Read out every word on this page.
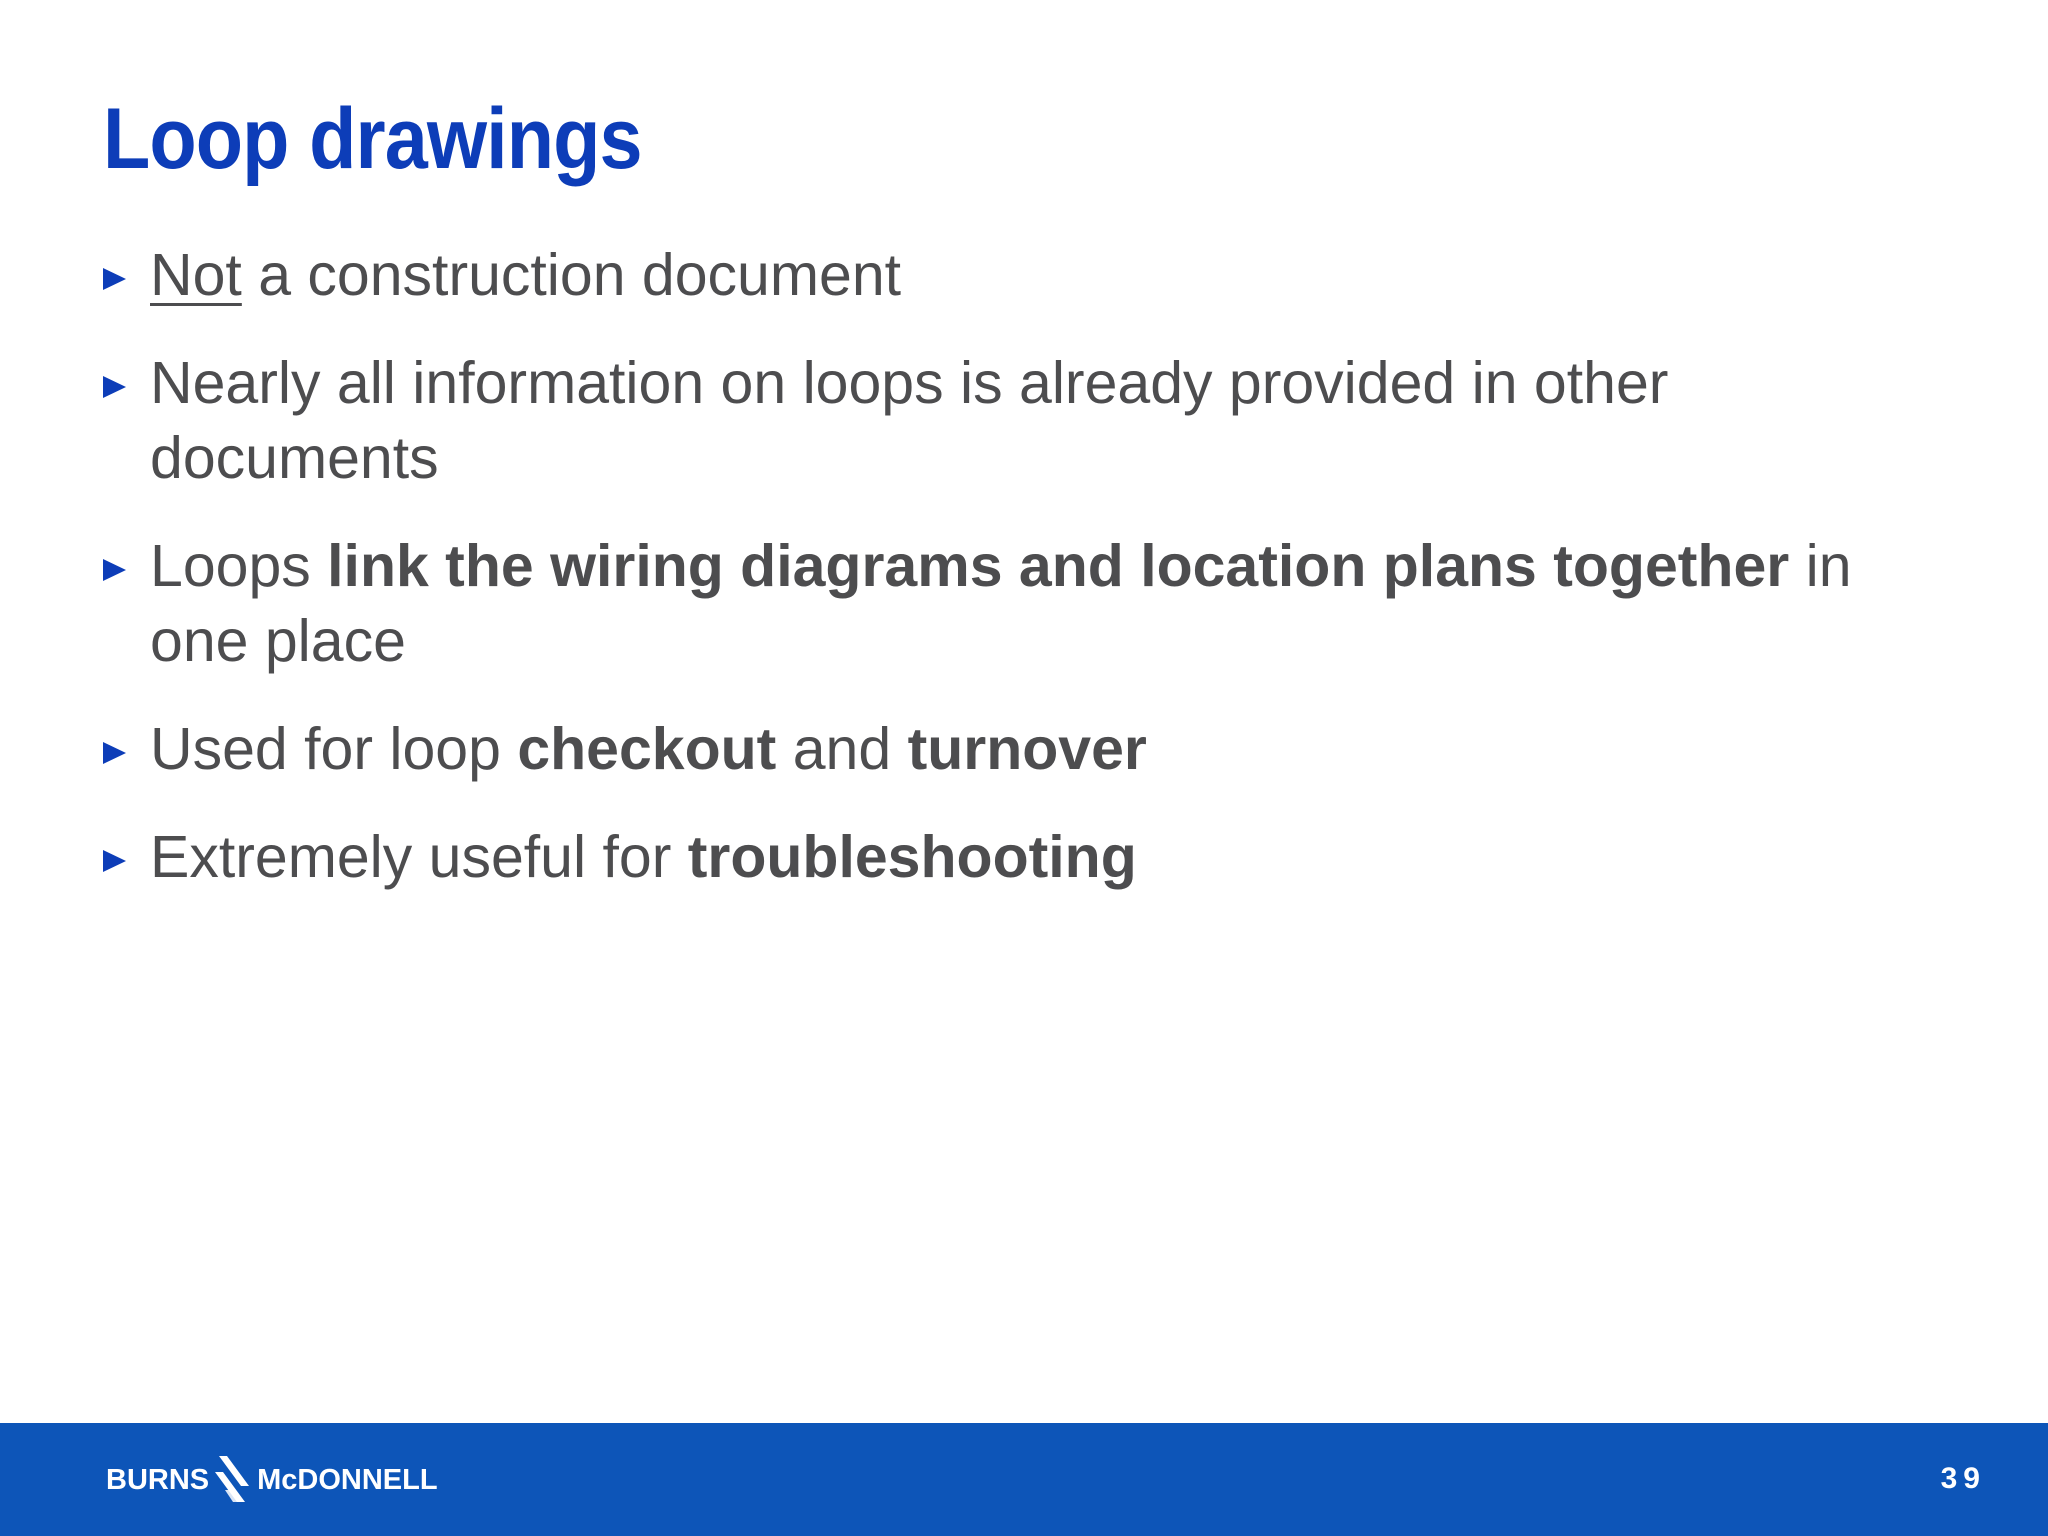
Loop drawings
Not a construction document
Nearly all information on loops is already provided in other documents
Loops link the wiring diagrams and location plans together in one place
Used for loop checkout and turnover
Extremely useful for troubleshooting
BURNS McDONNELL	39
